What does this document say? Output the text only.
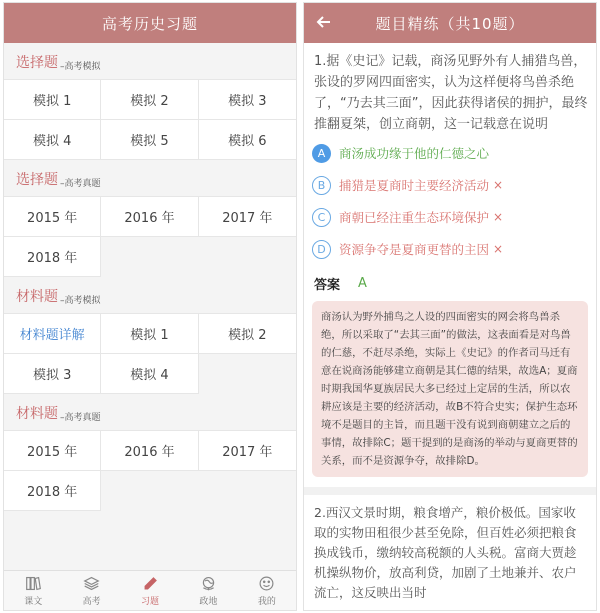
高考历史习题
选择题 –高考模拟
模拟 1	模拟 2	模拟 3
模拟 4	模拟 5	模拟 6
选择题 –高考真题
2015 年	2016 年	2017 年
2018 年
材料题 –高考模拟
材料题详解	模拟 1	模拟 2
模拟 3	模拟 4
材料题 –高考真题
2015 年	2016 年	2017 年
2018 年
课文	高考	习题	政地	我的
题目精练（共10题）
1.据《史记》记载，商汤见野外有人捕猎鸟兽，张设的罗网四面密实，认为这样便将鸟兽杀绝了，“乃去其三面”，因此获得诸侯的拥护，最终推翻夏桀，创立商朝，这一记载意在说明
A	商汤成功缘于他的仁德之心
B	捕猎是夏商时主要经济活动 ×
C	商朝已经注重生态环境保护 ×
D	资源争夺是夏商更替的主因 ×
答案 A
商汤认为野外捕鸟之人设的四面密实的网会将鸟兽杀绝，所以采取了“去其三面”的做法，这表面看是对鸟兽的仁慈，不赶尽杀绝，实际上《史记》的作者司马迁有意在说商汤能够建立商朝是其仁德的结果，故选A；夏商时期我国华夏族居民大多已经过上定居的生活，所以农耕应该是主要的经济活动，故B不符合史实；保护生态环境不是题目的主旨，而且题干没有说到商朝建立之后的事情，故排除C；题干提到的是商汤的举动与夏商更替的关系，而不是资源争夺，故排除D。
2.西汉文景时期，粮食增产，粮价极低。国家收取的实物田租很少甚至免除，但百姓必须把粮食换成钱币，缴纳较高税额的人头税。富商大贾趁机操纵物价，放高利贷，加剧了土地兼并、农户流亡，这反映出当时
